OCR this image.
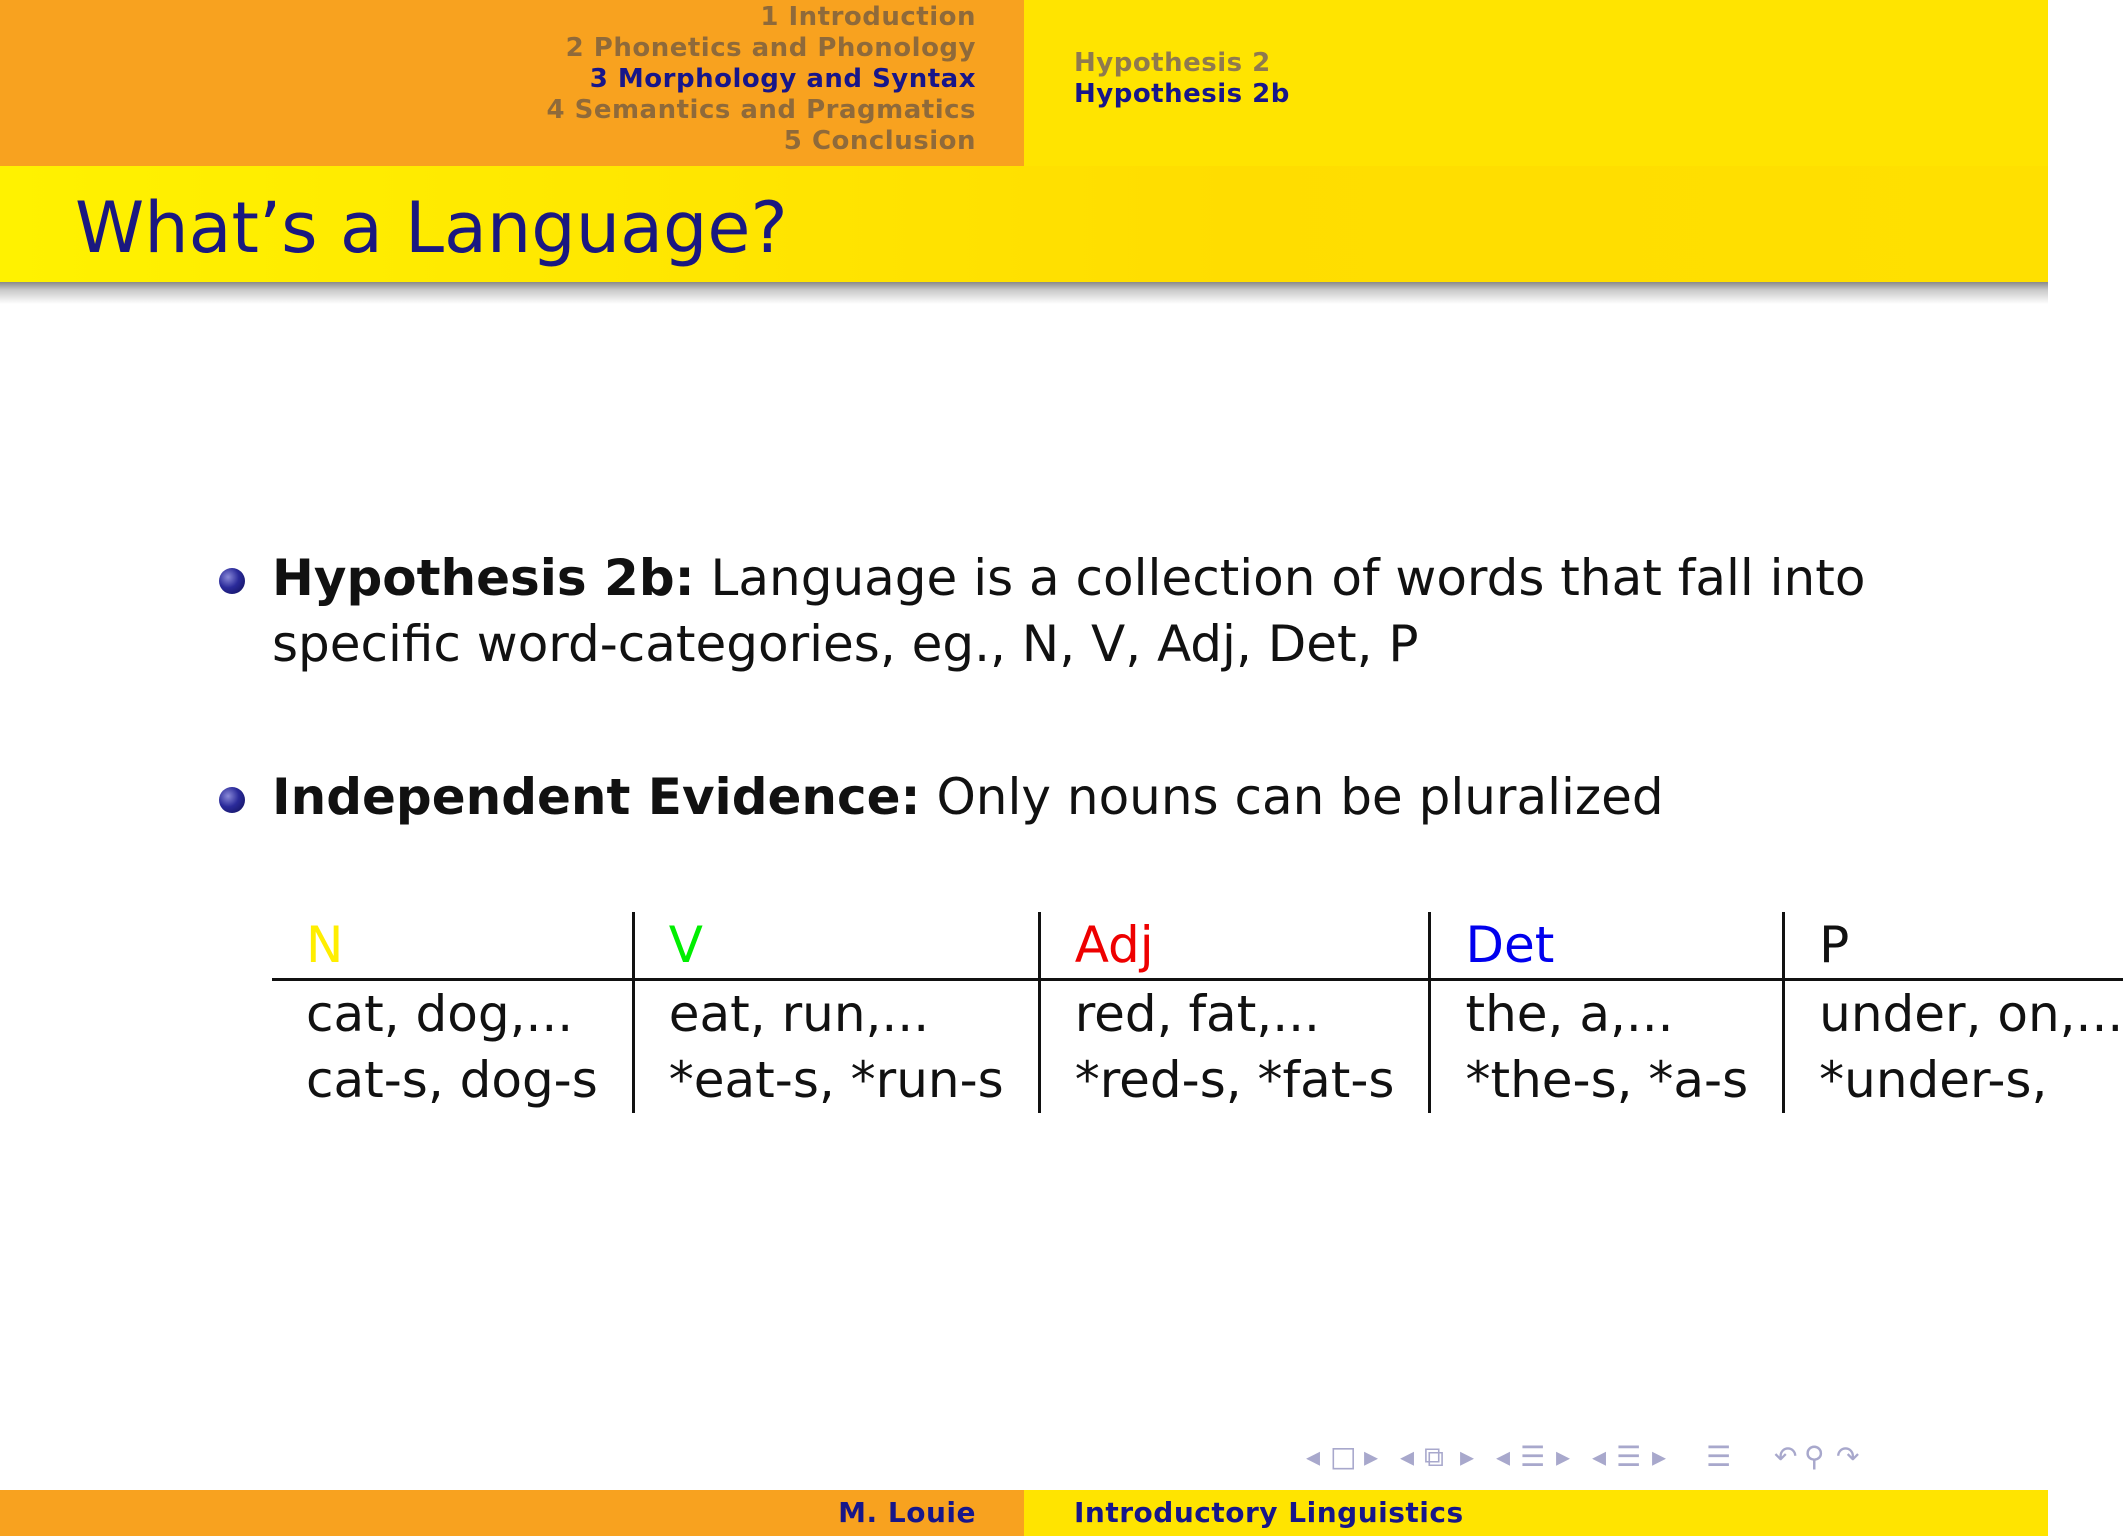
1 Introduction
2 Phonetics and Phonology
3 Morphology and Syntax
4 Semantics and Pragmatics
5 Conclusion
Hypothesis 2
Hypothesis 2b
What’s a Language?
Hypothesis 2b: Language is a collection of words that fall into
specific word-categories, eg., N, V, Adj, Det, P
Independent Evidence: Only nouns can be pluralized
N	V	Adj	Det	P
cat, dog,...	eat, run,...	red, fat,...	the, a,...	under, on,...
cat-s, dog-s	*eat-s, *run-s	*red-s, *fat-s	*the-s, *a-s	*under-s,
◂ □ ▸ ◂ ⧉ ▸ ◂ ☰ ▸ ◂ ☰ ▸ ☰ ↶ ⚲ ↷
M. Louie	Introductory Linguistics
